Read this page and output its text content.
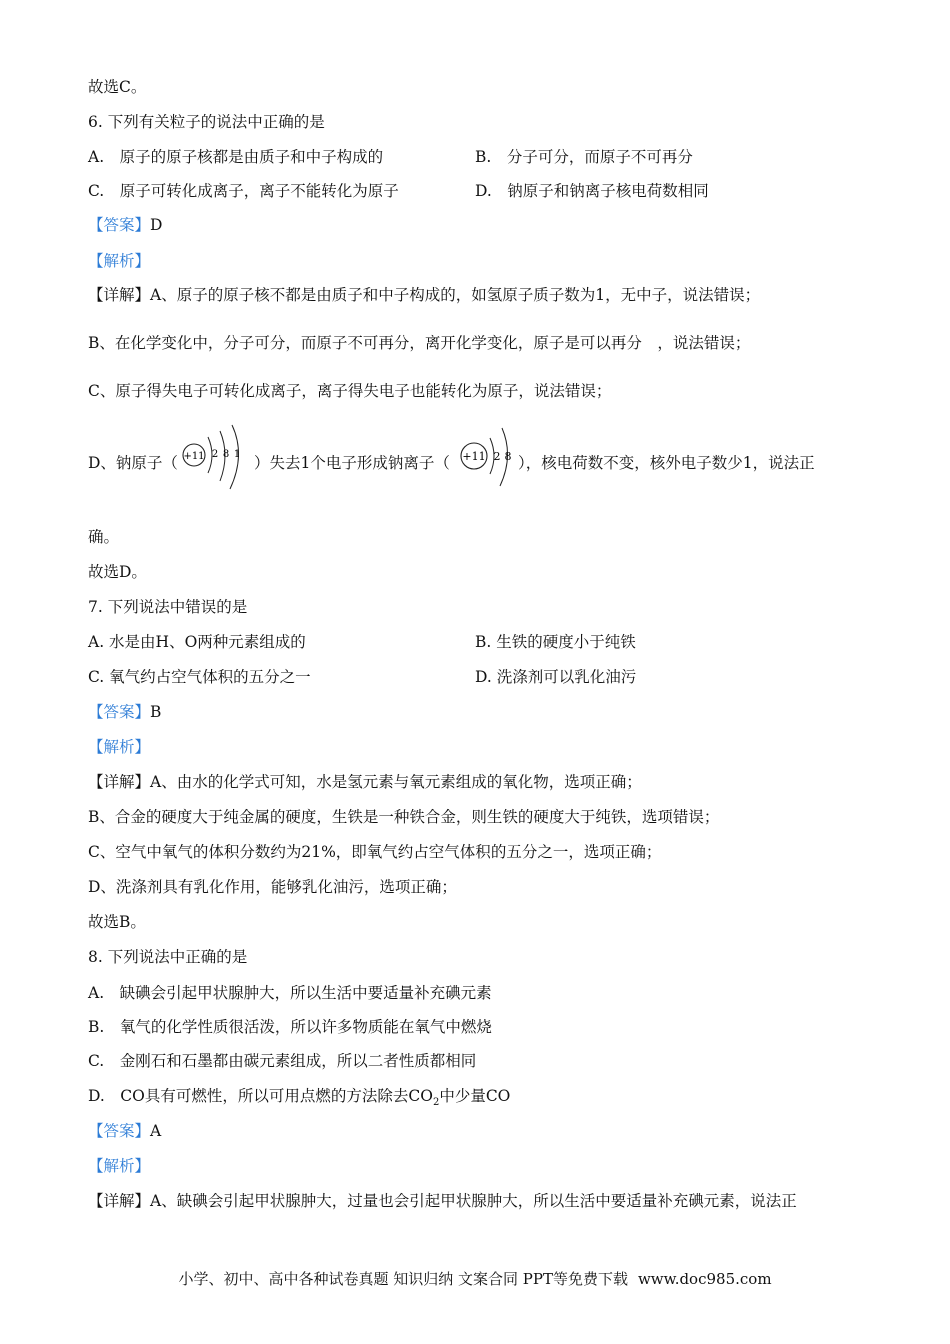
故选C。
6. 下列有关粒子的说法中正确的是
A.　原子的原子核都是由质子和中子构成的	B.　分子可分，而原子不可再分
C.　原子可转化成离子，离子不能转化为原子	D.　钠原子和钠离子核电荷数相同
【答案】D
【解析】
【详解】A、原子的原子核不都是由质子和中子构成的，如氢原子质子数为1，无中子，说法错误；
B、在化学变化中，分子可分，而原子不可再分，离开化学变化，原子是可以再分　，说法错误；
C、原子得失电子可转化成离子，离子得失电子也能转化为原子，说法错误；
D、钠原子（ +11 2 8 1 ）失去1个电子形成钠离子（ +11 2 8 ），核电荷数不变，核外电子数少1，说法正
确。
故选D。
7. 下列说法中错误的是
A. 水是由H、O两种元素组成的	B. 生铁的硬度小于纯铁
C. 氧气约占空气体积的五分之一	D. 洗涤剂可以乳化油污
【答案】B
【解析】
【详解】A、由水的化学式可知，水是氢元素与氧元素组成的氧化物，选项正确；
B、合金的硬度大于纯金属的硬度，生铁是一种铁合金，则生铁的硬度大于纯铁，选项错误；
C、空气中氧气的体积分数约为21%，即氧气约占空气体积的五分之一，选项正确；
D、洗涤剂具有乳化作用，能够乳化油污，选项正确；
故选B。
8. 下列说法中正确的是
A.　缺碘会引起甲状腺肿大，所以生活中要适量补充碘元素
B.　氧气的化学性质很活泼，所以许多物质能在氧气中燃烧
C.　金刚石和石墨都由碳元素组成，所以二者性质都相同
D.　CO具有可燃性，所以可用点燃的方法除去$CO_2$中少量CO
【答案】A
【解析】
【详解】A、缺碘会引起甲状腺肿大，过量也会引起甲状腺肿大，所以生活中要适量补充碘元素，说法正
小学、初中、高中各种试卷真题 知识归纳 文案合同 PPT等免费下载 www.doc985.com
